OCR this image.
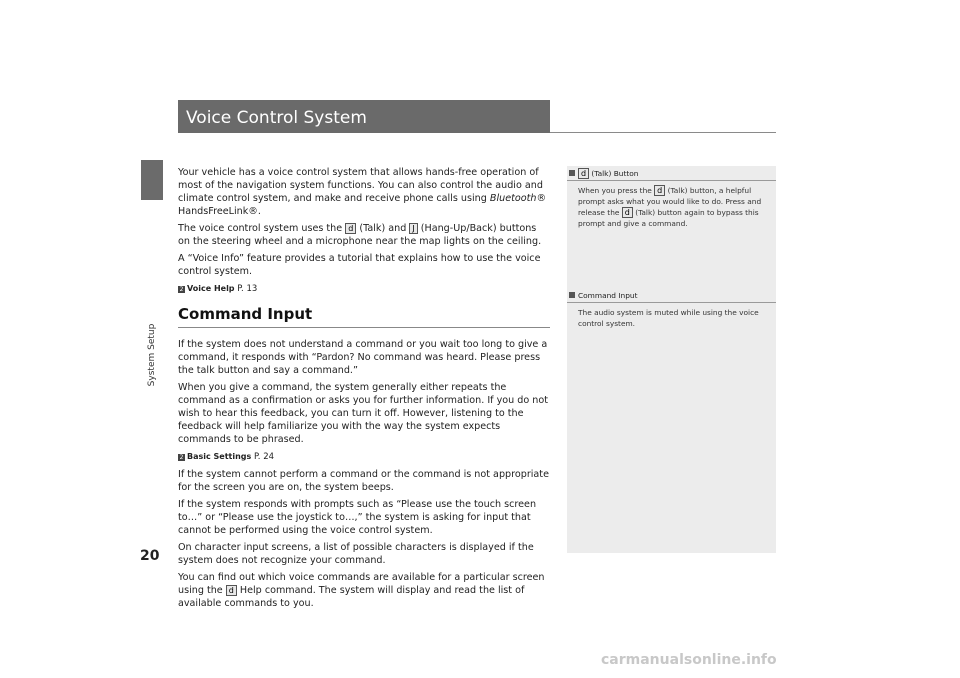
System Setup
20
Voice Control System

Your vehicle has a voice control system that allows hands-free operation of most of the navigation system functions. You can also control the audio and climate control system, and make and receive phone calls using Bluetooth® HandsFreeLink®.

The voice control system uses the d (Talk) and J (Hang-Up/Back) buttons on the steering wheel and a microphone near the map lights on the ceiling.

A “Voice Info” feature provides a tutorial that explains how to use the voice control system.

2 Voice Help P. 13

Command Input

If the system does not understand a command or you wait too long to give a command, it responds with “Pardon? No command was heard. Please press the talk button and say a command.”

When you give a command, the system generally either repeats the command as a confirmation or asks you for further information. If you do not wish to hear this feedback, you can turn it off. However, listening to the feedback will help familiarize you with the way the system expects commands to be phrased.

2 Basic Settings P. 24

If the system cannot perform a command or the command is not appropriate for the screen you are on, the system beeps.

If the system responds with prompts such as “Please use the touch screen to…” or “Please use the joystick to…,” the system is asking for input that cannot be performed using the voice control system.

On character input screens, a list of possible characters is displayed if the system does not recognize your command.

You can find out which voice commands are available for a particular screen using the d Help command. The system will display and read the list of available commands to you.

d (Talk) Button
When you press the d (Talk) button, a helpful prompt asks what you would like to do. Press and release the d (Talk) button again to bypass this prompt and give a command.
Command Input
The audio system is muted while using the voice control system.
carmanualsonline.info
